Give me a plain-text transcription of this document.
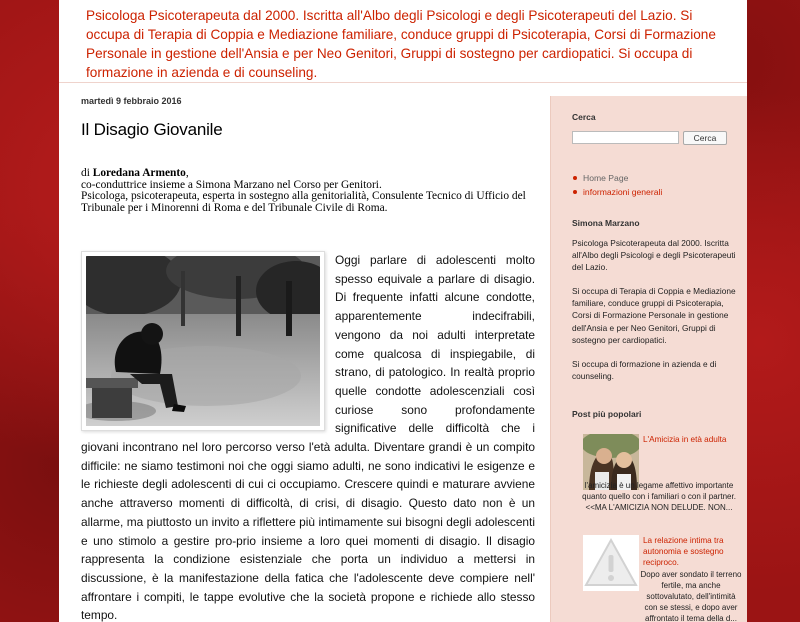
Psicologa Psicoterapeuta dal 2000. Iscritta all'Albo degli Psicologi e degli Psicoterapeuti del Lazio. Si occupa di Terapia di Coppia e Mediazione familiare, conduce gruppi di Psicoterapia, Corsi di Formazione Personale in gestione dell'Ansia e per Neo Genitori, Gruppi di sostegno per cardiopatici. Si occupa di formazione in azienda e di counseling.

martedì 9 febbraio 2016

Il Disagio Giovanile
di Loredana Armento,
co-conduttrice insieme a Simona Marzano nel Corso per Genitori.
Psicologa, psicoterapeuta, esperta in sostegno alla genitorialità, Consulente Tecnico di Ufficio del Tribunale per i Minorenni di Roma e del Tribunale Civile di Roma.

Oggi parlare di adolescenti molto spesso equivale a parlare di disagio. Di frequente infatti alcune condotte, apparentemente indecifrabili, vengono da noi adulti interpretate come qualcosa di inspiegabile, di strano, di patologico. In realtà proprio quelle condotte adolescenziali così curiose sono profondamente significative delle difficoltà che i giovani incontrano nel loro percorso verso l'età adulta. Diventare grandi è un compito difficile: ne siamo testimoni noi che oggi siamo adulti, ne sono indicativi le esigenze e le richieste degli adolescenti di cui ci occupiamo. Crescere quindi e maturare avviene anche attraverso momenti di difficoltà, di crisi, di disagio. Questo dato non è un allarme, ma piuttosto un invito a riflettere più intimamente sui bisogni degli adolescenti e uno stimolo a gestire pro-prio insieme a loro quei momenti di disagio. Il disagio rappresenta la condizione esistenziale che porta un individuo a mettersi in discussione, è la manifestazione della fatica che l'adolescente deve compiere nell' affrontare i compiti, le tappe evolutive che la società propone e richiede allo stesso tempo.

Cerca

Cerca
Home Page
informazioni generali

Simona Marzano

Psicologa Psicoterapeuta dal 2000. Iscritta all'Albo degli Psicologi e degli Psicoterapeuti del Lazio.

Si occupa di Terapia di Coppia e Mediazione familiare, conduce gruppi di Psicoterapia, Corsi di Formazione Personale in gestione dell'Ansia e per Neo Genitori, Gruppi di sostegno per cardiopatici.

Si occupa di formazione in azienda e di counseling.

Post più popolari

L'Amicizia in età adulta

l'amicizia è un legame affettivo importante quanto quello con i familiari o con il partner. <<MA L'AMICIZIA NON DELUDE. NON...

La relazione intima tra autonomia e sostegno reciproco.

Dopo aver sondato il terreno fertile, ma anche sottovalutato, dell'intimità con se stessi, e dopo aver affrontato il tema della d...
